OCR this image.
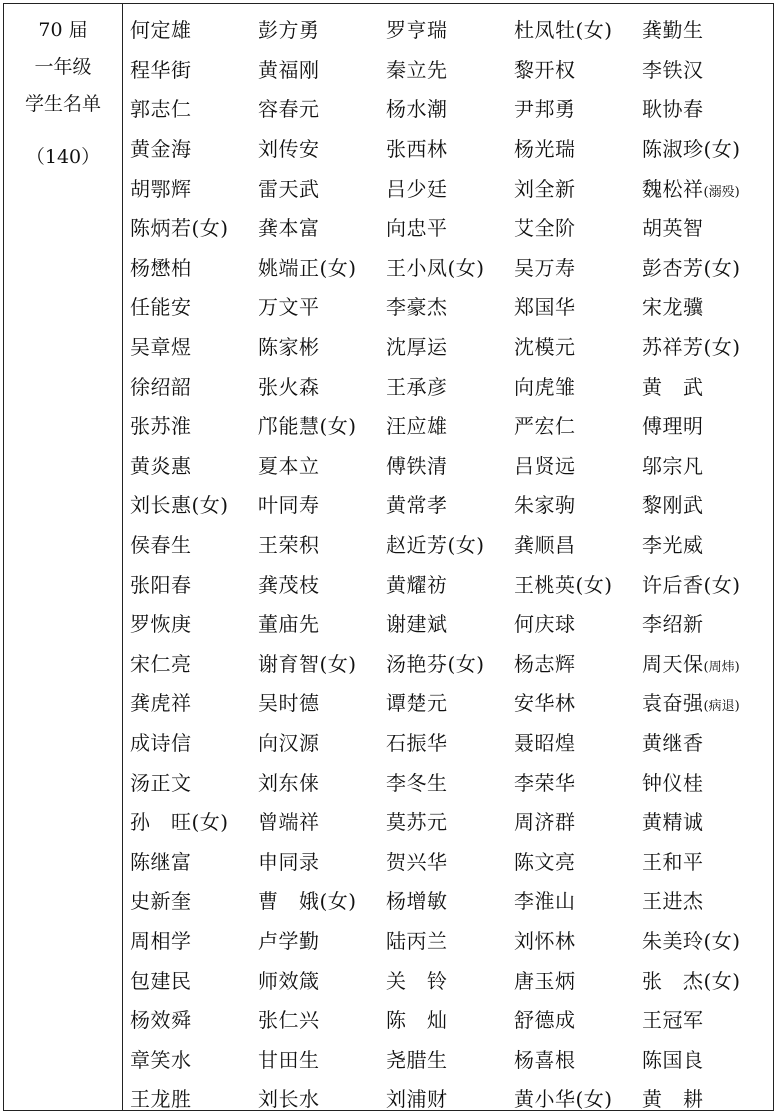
70 届
一年级
学生名单
（140）
何定雄	彭方勇	罗亨瑞	杜凤牡(女)	龚勤生
程华街	黄福刚	秦立先	黎开权	李铁汉
郭志仁	容春元	杨水潮	尹邦勇	耿协春
黄金海	刘传安	张西林	杨光瑞	陈淑珍(女)
胡鄂辉	雷天武	吕少廷	刘全新	魏松祥(溺殁)
陈炳若(女)	龚本富	向忠平	艾全阶	胡英智
杨懋柏	姚端正(女)	王小凤(女)	吴万寿	彭杏芳(女)
任能安	万文平	李豪杰	郑国华	宋龙骥
吴章煜	陈家彬	沈厚运	沈模元	苏祥芳(女)
徐绍韶	张火森	王承彦	向虎雏	黄　武
张苏淮	邝能慧(女)	汪应雄	严宏仁	傅理明
黄炎惠	夏本立	傅铁清	吕贤远	邬宗凡
刘长惠(女)	叶同寿	黄常孝	朱家驹	黎刚武
侯春生	王荣积	赵近芳(女)	龚顺昌	李光威
张阳春	龚茂枝	黄耀祊	王桃英(女)	许后香(女)
罗恢庚	董庙先	谢建斌	何庆球	李绍新
宋仁亮	谢育智(女)	汤艳芬(女)	杨志辉	周天保(周炜)
龚虎祥	吴时德	谭楚元	安华林	袁奋强(病退)
成诗信	向汉源	石振华	聂昭煌	黄继香
汤正文	刘东俫	李冬生	李荣华	钟仪桂
孙　旺(女)	曾端祥	莫苏元	周济群	黄精诚
陈继富	申同录	贺兴华	陈文亮	王和平
史新奎	曹　娥(女)	杨增敏	李淮山	王进杰
周相学	卢学勤	陆丙兰	刘怀林	朱美玲(女)
包建民	师效箴	关　铃	唐玉炳	张　杰(女)
杨效舜	张仁兴	陈　灿	舒德成	王冠军
章笑水	甘田生	尧腊生	杨喜根	陈国良
王龙胜	刘长水	刘浦财	黄小华(女)	黄　耕
